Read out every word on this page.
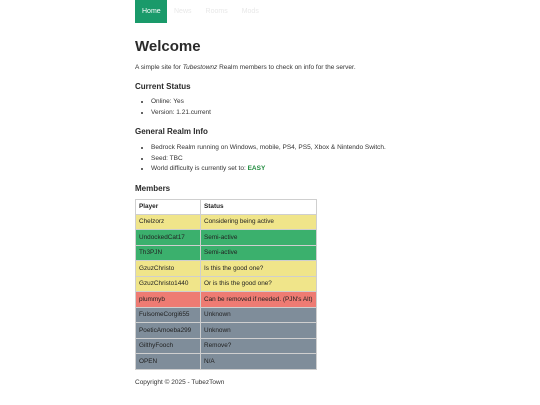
Home	News	Rooms	Mods
Welcome

A simple site for Tubestownz Realm members to check on info for the server.

Current Status
• Online: Yes
• Version: 1.21.current
General Realm Info
• Bedrock Realm running on Windows, mobile, PS4, PS5, Xbox & Nintendo Switch.
• Seed: TBC
• World difficulty is currently set to: EASY
Members
Player	Status
Chelzorz	Considering being active
UndockedCat17	Semi-active
Th3PJN	Semi-active
GzuzChristo	Is this the good one?
GzuzChristo1440	Or is this the good one?
plummyb	Can be removed if needed. (PJN's Alt)
FulsomeCorgi655	Unknown
PoeticAmoeba299	Unknown
GilthyFooch	Remove?
OPEN	N/A
Copyright © 2025 - TubezTown
